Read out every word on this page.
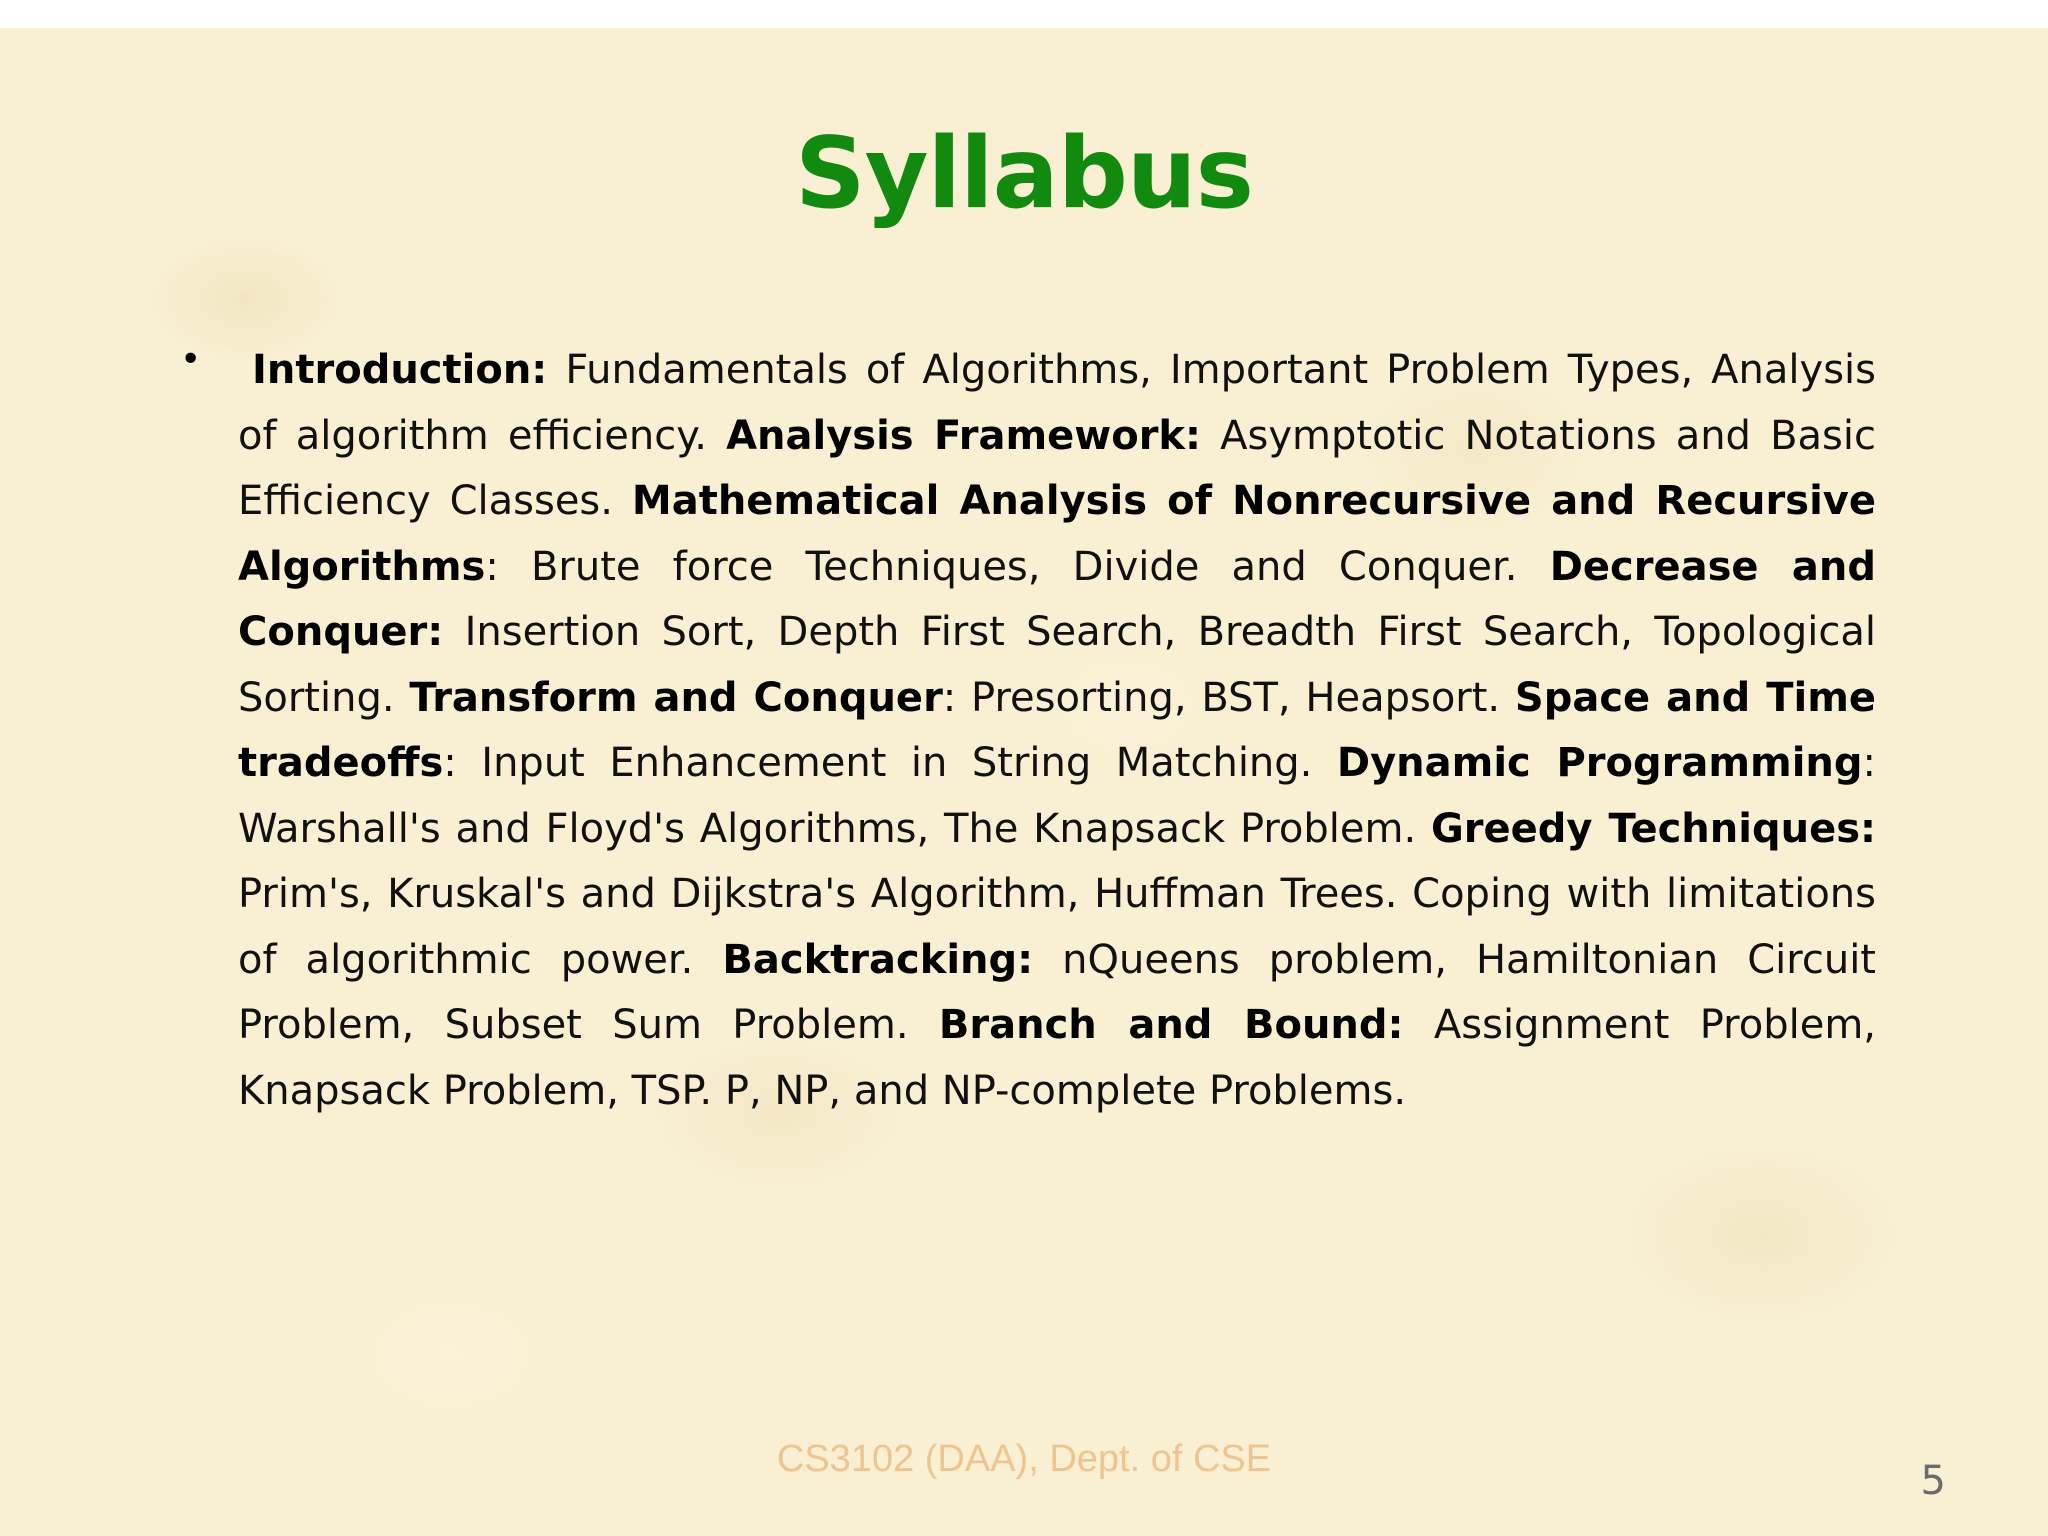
Syllabus
•	Introduction: Fundamentals of Algorithms, Important Problem Types, Analysis of algorithm efficiency. Analysis Framework: Asymptotic Notations and Basic Efficiency Classes. Mathematical Analysis of Nonrecursive and Recursive Algorithms: Brute force Techniques, Divide and Conquer. Decrease and Conquer: Insertion Sort, Depth First Search, Breadth First Search, Topological Sorting. Transform and Conquer: Presorting, BST, Heapsort. Space and Time tradeoffs: Input Enhancement in String Matching. Dynamic Programming: Warshall's and Floyd's Algorithms, The Knapsack Problem. Greedy Techniques: Prim's, Kruskal's and Dijkstra's Algorithm, Huffman Trees. Coping with limitations of algorithmic power. Backtracking: nQueens problem, Hamiltonian Circuit Problem, Subset Sum Problem. Branch and Bound: Assignment Problem, Knapsack Problem, TSP. P, NP, and NP-complete Problems.

CS3102 (DAA), Dept. of CSE	5
